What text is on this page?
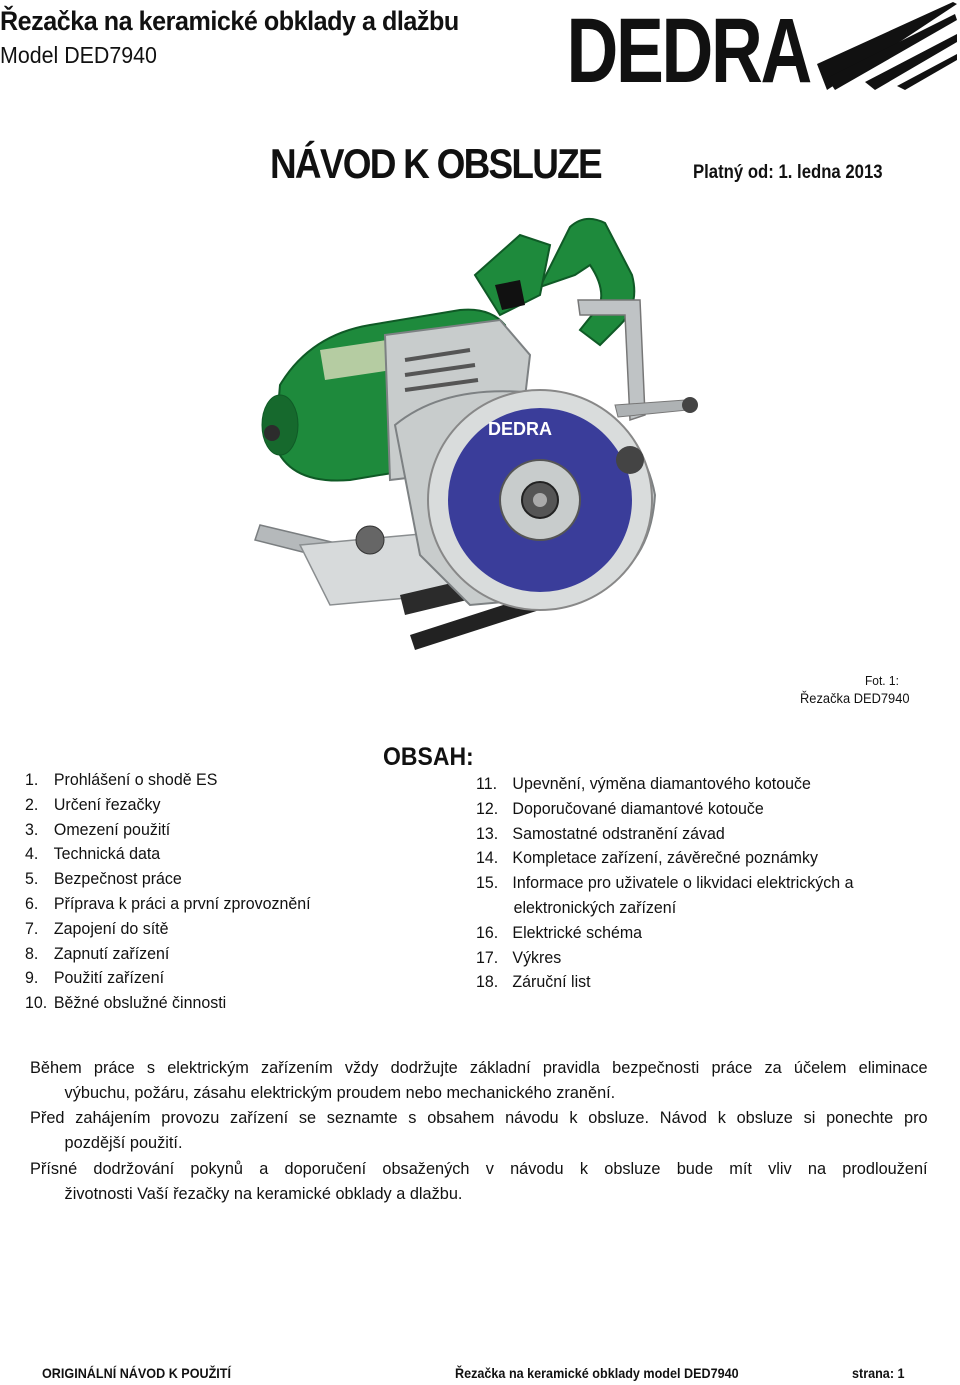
Řezačka na keramické obklady a dlažbu
Model DED7940	DEDRA
NÁVOD K OBSLUZE	Platný od: 1. ledna 2013
DEDRA
Fot. 1:
Řezačka DED7940
OBSAH:
1. Prohlášení o shodě ES
2. Určení řezačky
3. Omezení použití
4. Technická data
5. Bezpečnost práce
6. Příprava k práci a první zprovoznění
7. Zapojení do sítě
8. Zapnutí zařízení
9. Použití zařízení
10. Běžné obslužné činnosti
11. Upevnění, výměna diamantového kotouče
12. Doporučované diamantové kotouče
13. Samostatné odstranění závad
14. Kompletace zařízení, závěrečné poznámky
15. Informace pro uživatele o likvidaci elektrických a
elektronických zařízení
16. Elektrické schéma
17. Výkres
18. Záruční list
Během práce s elektrickým zařízením vždy dodržujte základní pravidla bezpečnosti práce za účelem eliminace
výbuchu, požáru, zásahu elektrickým proudem nebo mechanického zranění.
Před zahájením provozu zařízení se seznamte s obsahem návodu k obsluze. Návod k obsluze si ponechte pro
pozdější použití.
Přísné dodržování pokynů a doporučení obsažených v návodu k obsluze bude mít vliv na prodloužení
životnosti Vaší řezačky na keramické obklady a dlažbu.
ORIGINÁLNÍ NÁVOD K POUŽITÍ	Řezačka na keramické obklady model DED7940	strana: 1
